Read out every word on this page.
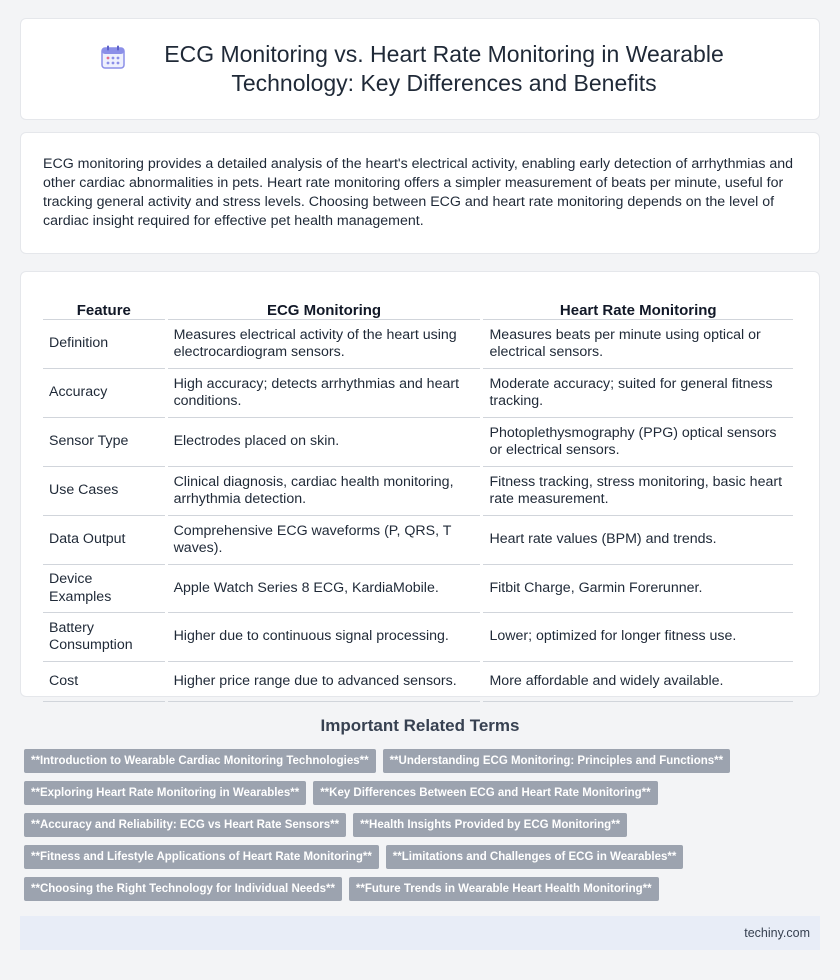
ECG Monitoring vs. Heart Rate Monitoring in Wearable Technology: Key Differences and Benefits

ECG monitoring provides a detailed analysis of the heart's electrical activity, enabling early detection of arrhythmias and other cardiac abnormalities in pets. Heart rate monitoring offers a simpler measurement of beats per minute, useful for tracking general activity and stress levels. Choosing between ECG and heart rate monitoring depends on the level of cardiac insight required for effective pet health management.

Feature	ECG Monitoring	Heart Rate Monitoring
Definition	Measures electrical activity of the heart using electrocardiogram sensors.	Measures beats per minute using optical or electrical sensors.
Accuracy	High accuracy; detects arrhythmias and heart conditions.	Moderate accuracy; suited for general fitness tracking.
Sensor Type	Electrodes placed on skin.	Photoplethysmography (PPG) optical sensors or electrical sensors.
Use Cases	Clinical diagnosis, cardiac health monitoring, arrhythmia detection.	Fitness tracking, stress monitoring, basic heart rate measurement.
Data Output	Comprehensive ECG waveforms (P, QRS, T waves).	Heart rate values (BPM) and trends.
Device Examples	Apple Watch Series 8 ECG, KardiaMobile.	Fitbit Charge, Garmin Forerunner.
Battery Consumption	Higher due to continuous signal processing.	Lower; optimized for longer fitness use.
Cost	Higher price range due to advanced sensors.	More affordable and widely available.
Important Related Terms
**Introduction to Wearable Cardiac Monitoring Technologies**	**Understanding ECG Monitoring: Principles and Functions**
**Exploring Heart Rate Monitoring in Wearables**	**Key Differences Between ECG and Heart Rate Monitoring**
**Accuracy and Reliability: ECG vs Heart Rate Sensors**	**Health Insights Provided by ECG Monitoring**
**Fitness and Lifestyle Applications of Heart Rate Monitoring**	**Limitations and Challenges of ECG in Wearables**
**Choosing the Right Technology for Individual Needs**	**Future Trends in Wearable Heart Health Monitoring**
techiny.com
